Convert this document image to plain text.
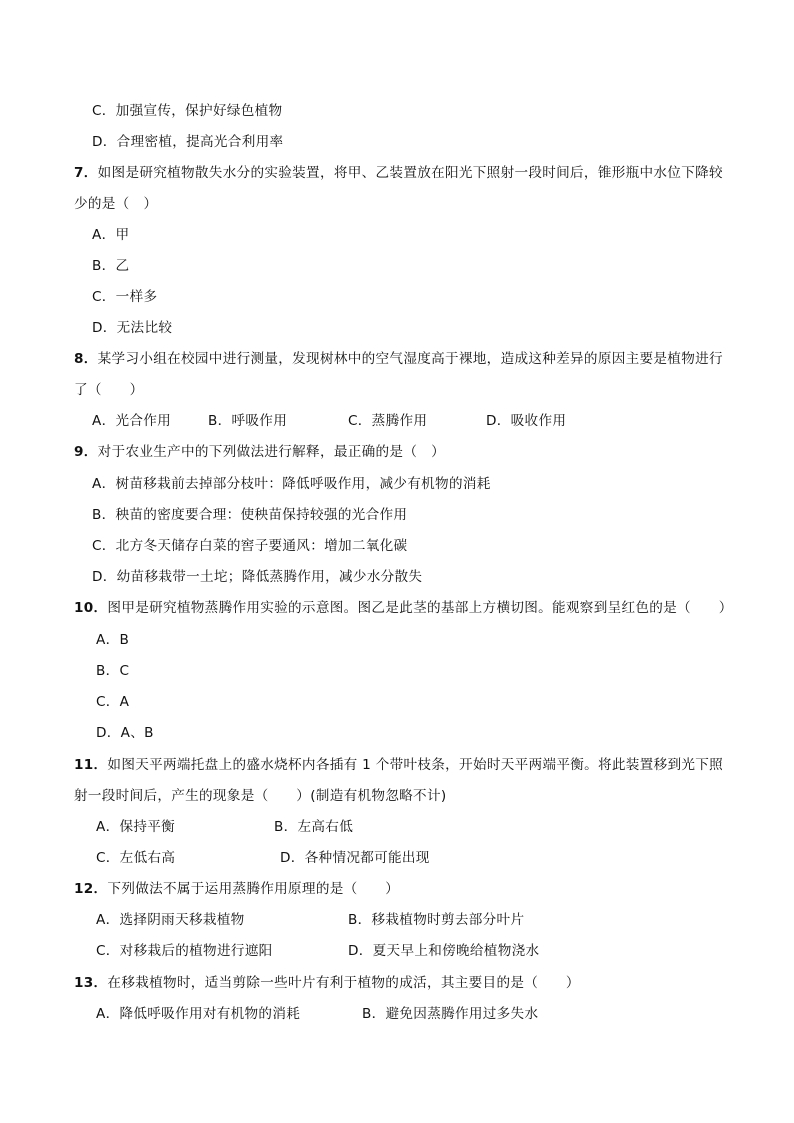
C．加强宣传，保护好绿色植物
D．合理密植，提高光合利用率
7．如图是研究植物散失水分的实验装置，将甲、乙装置放在阳光下照射一段时间后，锥形瓶中水位下降较
少的是（　）
A．甲
B．乙
C．一样多
D．无法比较
8．某学习小组在校园中进行测量，发现树林中的空气湿度高于裸地，造成这种差异的原因主要是植物进行
了（　　）
A．光合作用	B．呼吸作用	C．蒸腾作用	D．吸收作用
9．对于农业生产中的下列做法进行解释，最正确的是（　）
A．树苗移栽前去掉部分枝叶：降低呼吸作用，减少有机物的消耗
B．秧苗的密度要合理：使秧苗保持较强的光合作用
C．北方冬天储存白菜的窖子要通风：增加二氧化碳
D．幼苗移栽带一土坨；降低蒸腾作用，减少水分散失
10．图甲是研究植物蒸腾作用实验的示意图。图乙是此茎的基部上方横切图。能观察到呈红色的是（　　）
A．B
B．C
C．A
D．A、B
11．如图天平两端托盘上的盛水烧杯内各插有 1 个带叶枝条，开始时天平两端平衡。将此装置移到光下照
射一段时间后，产生的现象是（　　）(制造有机物忽略不计)
A．保持平衡	B．左高右低
C．左低右高	D．各种情况都可能出现
12．下列做法不属于运用蒸腾作用原理的是（　　）
A．选择阴雨天移栽植物	B．移栽植物时剪去部分叶片
C．对移栽后的植物进行遮阳	D．夏天早上和傍晚给植物浇水
13．在移栽植物时，适当剪除一些叶片有利于植物的成活，其主要目的是（　　）
A．降低呼吸作用对有机物的消耗	B．避免因蒸腾作用过多失水
